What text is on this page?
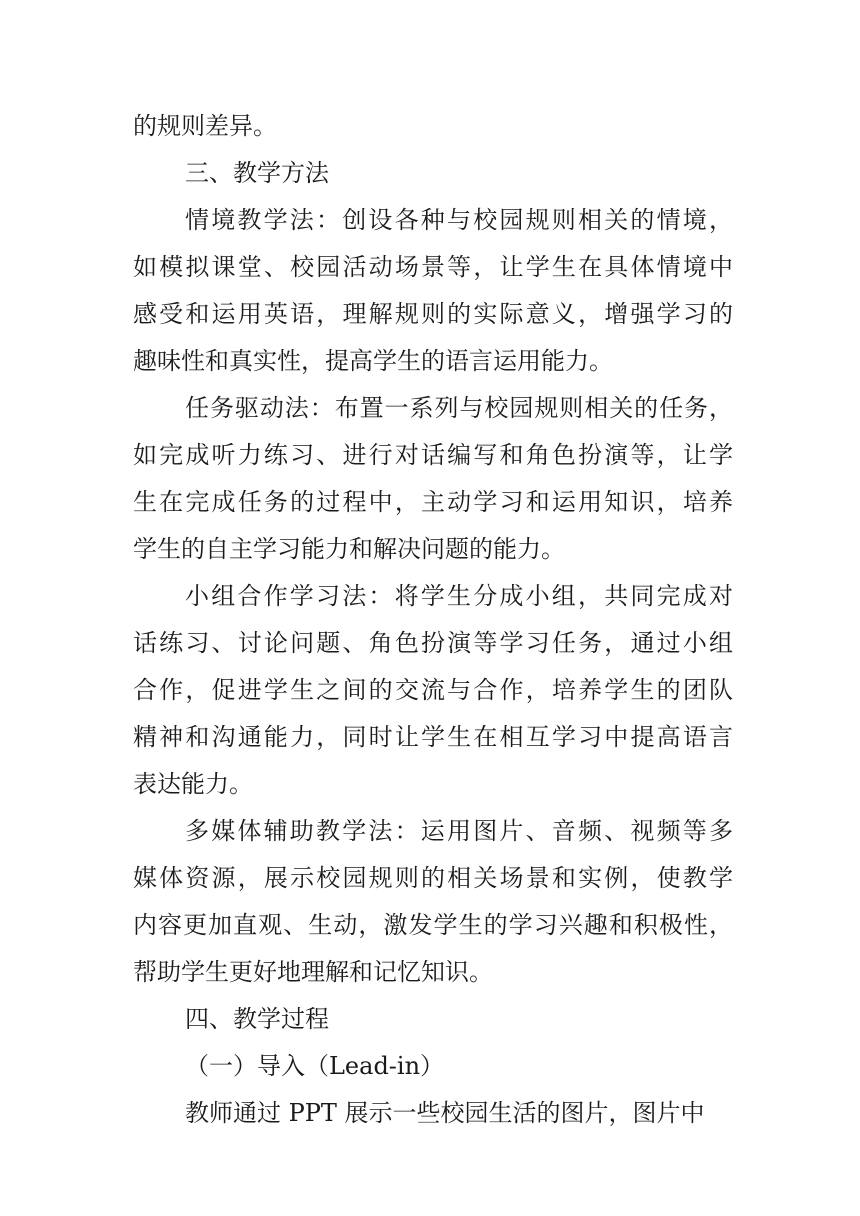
的规则差异。
三、教学方法
情境教学法：创设各种与校园规则相关的情境，
如模拟课堂、校园活动场景等，让学生在具体情境中
感受和运用英语，理解规则的实际意义，增强学习的
趣味性和真实性，提高学生的语言运用能力。
任务驱动法：布置一系列与校园规则相关的任务，
如完成听力练习、进行对话编写和角色扮演等，让学
生在完成任务的过程中，主动学习和运用知识，培养
学生的自主学习能力和解决问题的能力。
小组合作学习法：将学生分成小组，共同完成对
话练习、讨论问题、角色扮演等学习任务，通过小组
合作，促进学生之间的交流与合作，培养学生的团队
精神和沟通能力，同时让学生在相互学习中提高语言
表达能力。
多媒体辅助教学法：运用图片、音频、视频等多
媒体资源，展示校园规则的相关场景和实例，使教学
内容更加直观、生动，激发学生的学习兴趣和积极性，
帮助学生更好地理解和记忆知识。
四、教学过程
（一）导入（Lead-in）
教师通过 PPT 展示一些校园生活的图片，图片中
